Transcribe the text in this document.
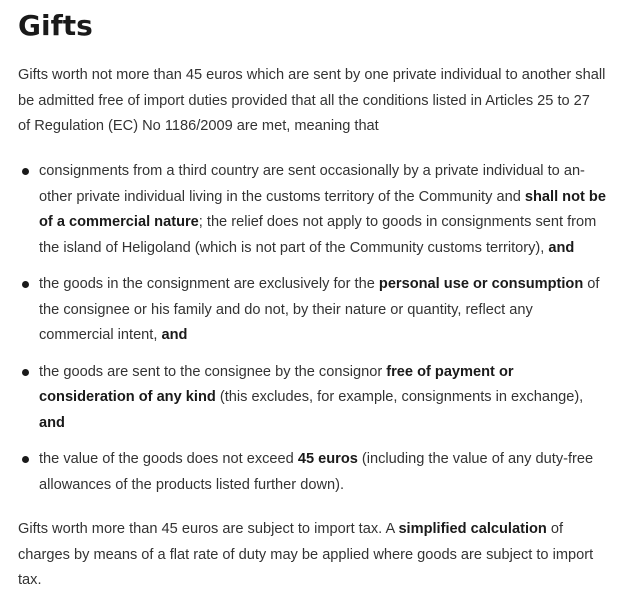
Gifts

Gifts worth not more than 45 euros which are sent by one private individual to another shall be admitted free of import duties provided that all the conditions listed in Articles 25 to 27 of Regulation (EC) No 1186/2009 are met, meaning that

consignments from a third country are sent occasionally by a private individual to an-other private individual living in the customs territory of the Community and shall not be of a commercial nature; the relief does not apply to goods in consignments sent from the island of Heligoland (which is not part of the Community customs territory), and
the goods in the consignment are exclusively for the personal use or consumption of the consignee or his family and do not, by their nature or quantity, reflect any commercial intent, and
the goods are sent to the consignee by the consignor free of payment or consideration of any kind (this excludes, for example, consignments in exchange), and
the value of the goods does not exceed 45 euros (including the value of any duty-free allowances of the products listed further down).

Gifts worth more than 45 euros are subject to import tax. A simplified calculation of charges by means of a flat rate of duty may be applied where goods are subject to import tax.
